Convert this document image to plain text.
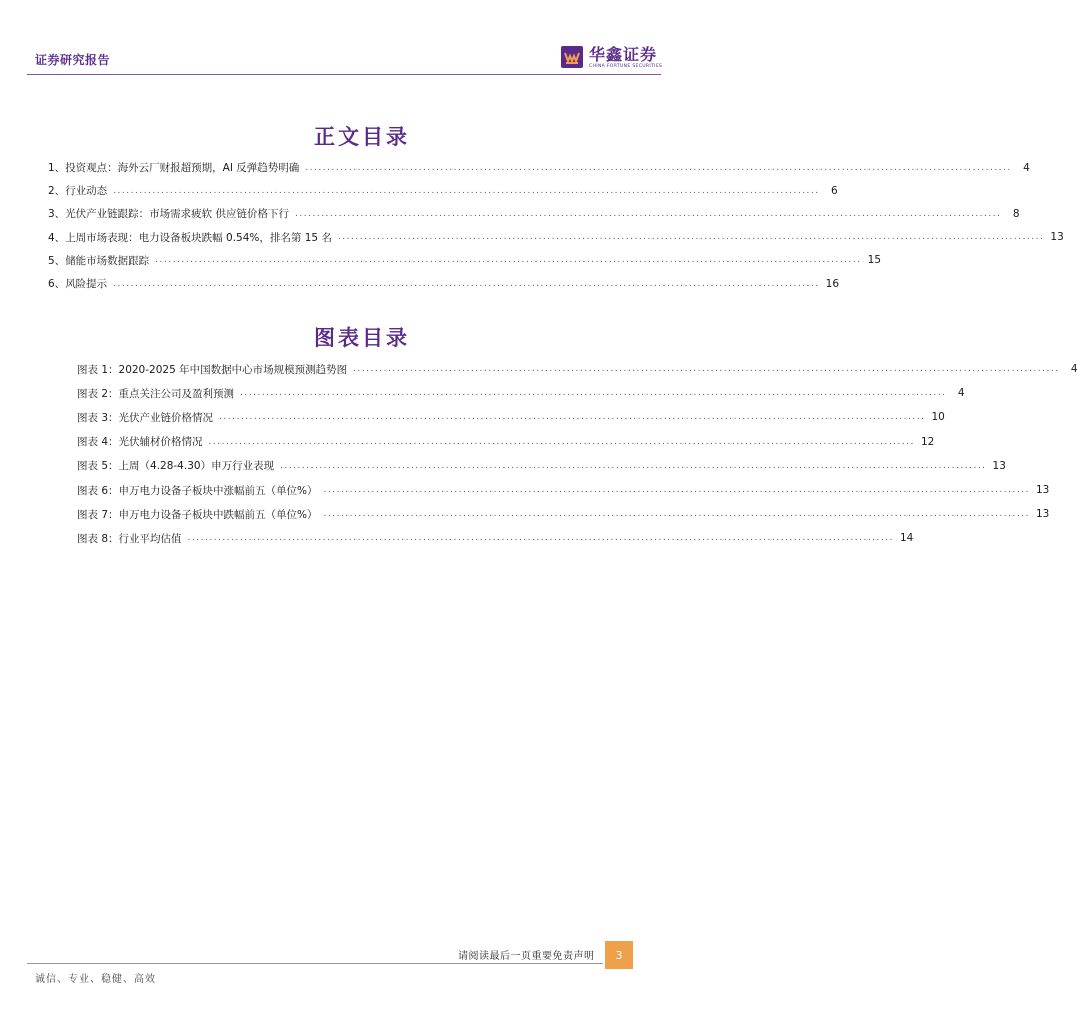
证券研究报告	华鑫证券
CHINA FORTUNE SECURITIES
正文目录
1、 投资观点：海外云厂财报超预期，AI 反弹趋势明确 ..................................................................................................................................................................	4
2、 行业动态 ..................................................................................................................................................................	6
3、 光伏产业链跟踪：市场需求疲软 供应链价格下行 ..................................................................................................................................................................	8
4、 上周市场表现：电力设备板块跌幅 0.54%，排名第 15 名 .................................................................................................................................................................. 13
5、 储能市场数据跟踪 .................................................................................................................................................................. 15
6、 风险提示 .................................................................................................................................................................. 16
图表目录
图表 1：2020-2025 年中国数据中心市场规模预测趋势图 ..................................................................................................................................................................	4
图表 2：重点关注公司及盈利预测 ..................................................................................................................................................................	4
图表 3：光伏产业链价格情况 .................................................................................................................................................................. 10
图表 4：光伏辅材价格情况 .................................................................................................................................................................. 12
图表 5：上周（4.28-4.30）申万行业表现 .................................................................................................................................................................. 13
图表 6：申万电力设备子板块中涨幅前五（单位%） .................................................................................................................................................................. 13
图表 7：申万电力设备子板块中跌幅前五（单位%） .................................................................................................................................................................. 13
图表 8：行业平均估值 .................................................................................................................................................................. 14
请阅读最后一页重要免责声明	3
诚信、专业、稳健、高效
